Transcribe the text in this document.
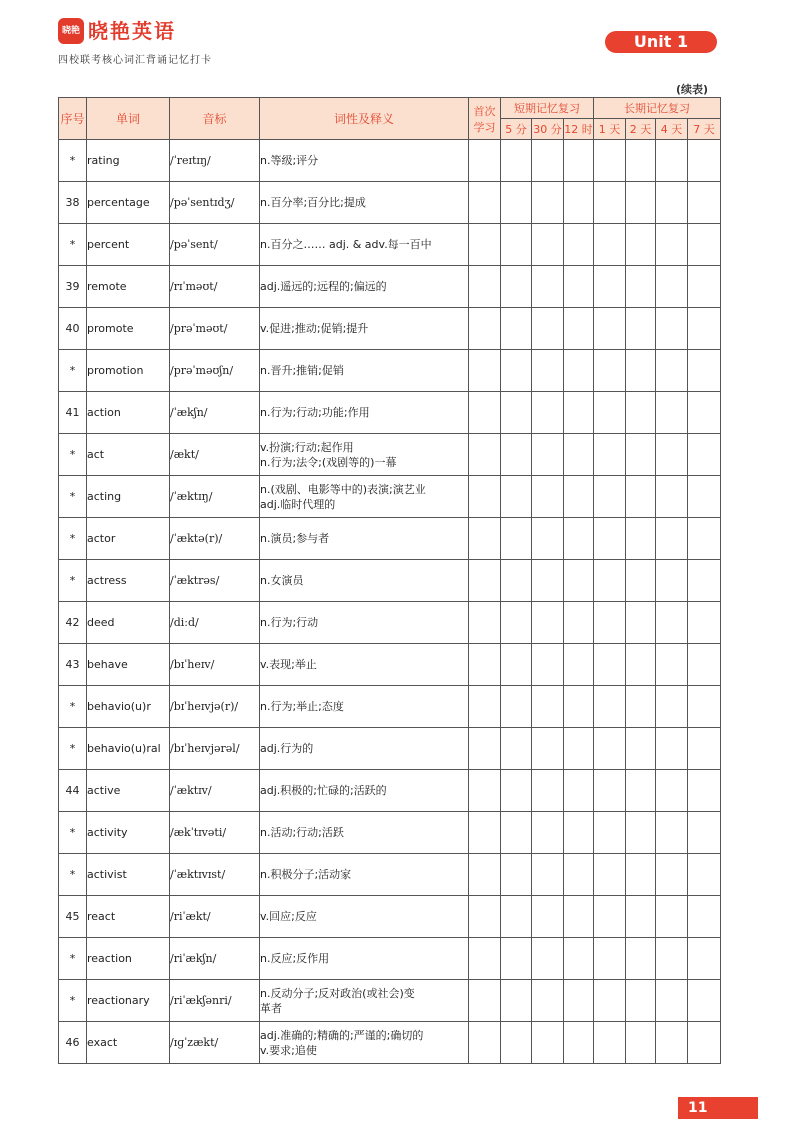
晓艳 晓艳英语
四校联考核心词汇背诵记忆打卡
Unit 1
(续表)
序号	单词	音标	词性及释义	首次学习	短期记忆复习			长期记忆复习			
					5 分	30 分	12 时	1 天	2 天	4 天	7 天
*	rating	/ˈreɪtɪŋ/	n.等级;评分								

38	percentage	/pəˈsentɪdʒ/	n.百分率;百分比;提成								

*	percent	/pəˈsent/	n.百分之…… adj. & adv.每一百中								

39	remote	/rɪˈməʊt/	adj.遥远的;远程的;偏远的								

40	promote	/prəˈməʊt/	v.促进;推动;促销;提升								

*	promotion	/prəˈməʊʃn/	n.晋升;推销;促销								

41	action	/ˈækʃn/	n.行为;行动;功能;作用								

*	act	/ækt/	v.扮演;行动;起作用
n.行为;法令;(戏剧等的)一幕								

*	acting	/ˈæktɪŋ/	n.(戏剧、电影等中的)表演;演艺业
adj.临时代理的								

*	actor	/ˈæktə(r)/	n.演员;参与者								

*	actress	/ˈæktrəs/	n.女演员								

42	deed	/diːd/	n.行为;行动								

43	behave	/bɪˈheɪv/	v.表现;举止								

*	behavio(u)r	/bɪˈheɪvjə(r)/	n.行为;举止;态度								

*	behavio(u)ral	/bɪˈheɪvjərəl/	adj.行为的								

44	active	/ˈæktɪv/	adj.积极的;忙碌的;活跃的								

*	activity	/ækˈtɪvəti/	n.活动;行动;活跃								

*	activist	/ˈæktɪvɪst/	n.积极分子;活动家								

45	react	/riˈækt/	v.回应;反应								

*	reaction	/riˈækʃn/	n.反应;反作用								

*	reactionary	/riˈækʃənri/	n.反动分子;反对政治(或社会)变
革者								

46	exact	/ɪɡˈzækt/	adj.准确的;精确的;严谨的;确切的
v.要求;追使								

11
